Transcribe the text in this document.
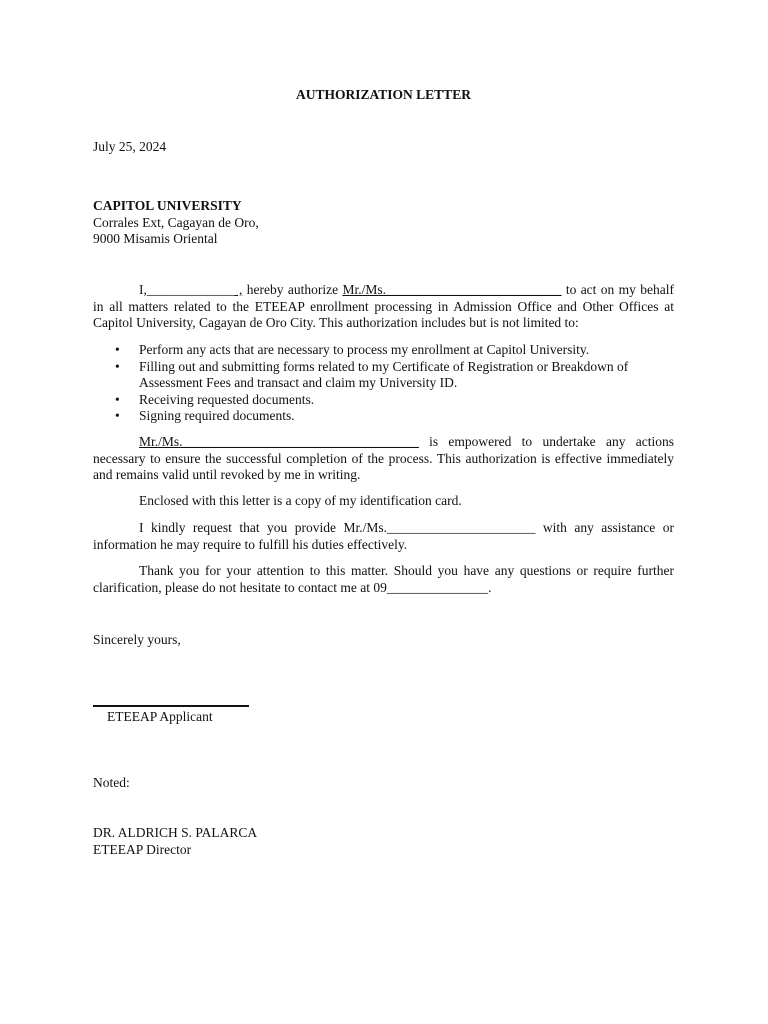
AUTHORIZATION LETTER
July 25, 2024
CAPITOL UNIVERSITY
Corrales Ext, Cagayan de Oro,
9000 Misamis Oriental
I,_____________ , hereby authorize Mr./Ms.__________________________ to act on my behalf in all matters related to the ETEEAP enrollment processing in Admission Office and Other Offices at Capitol University, Cagayan de Oro City. This authorization includes but is not limited to:
• Perform any acts that are necessary to process my enrollment at Capitol University.
• Filling out and submitting forms related to my Certificate of Registration or Breakdown of Assessment Fees and transact and claim my University ID.
• Receiving requested documents.
• Signing required documents.
Mr./Ms.___________________________________ is empowered to undertake any actions necessary to ensure the successful completion of the process. This authorization is effective immediately and remains valid until revoked by me in writing.
Enclosed with this letter is a copy of my identification card.
I kindly request that you provide Mr./Ms.______________________ with any assistance or information he may require to fulfill his duties effectively.
Thank you for your attention to this matter. Should you have any questions or require further clarification, please do not hesitate to contact me at 09_______________.
Sincerely yours,
ETEEAP Applicant
Noted:
DR. ALDRICH S. PALARCA
ETEEAP Director
